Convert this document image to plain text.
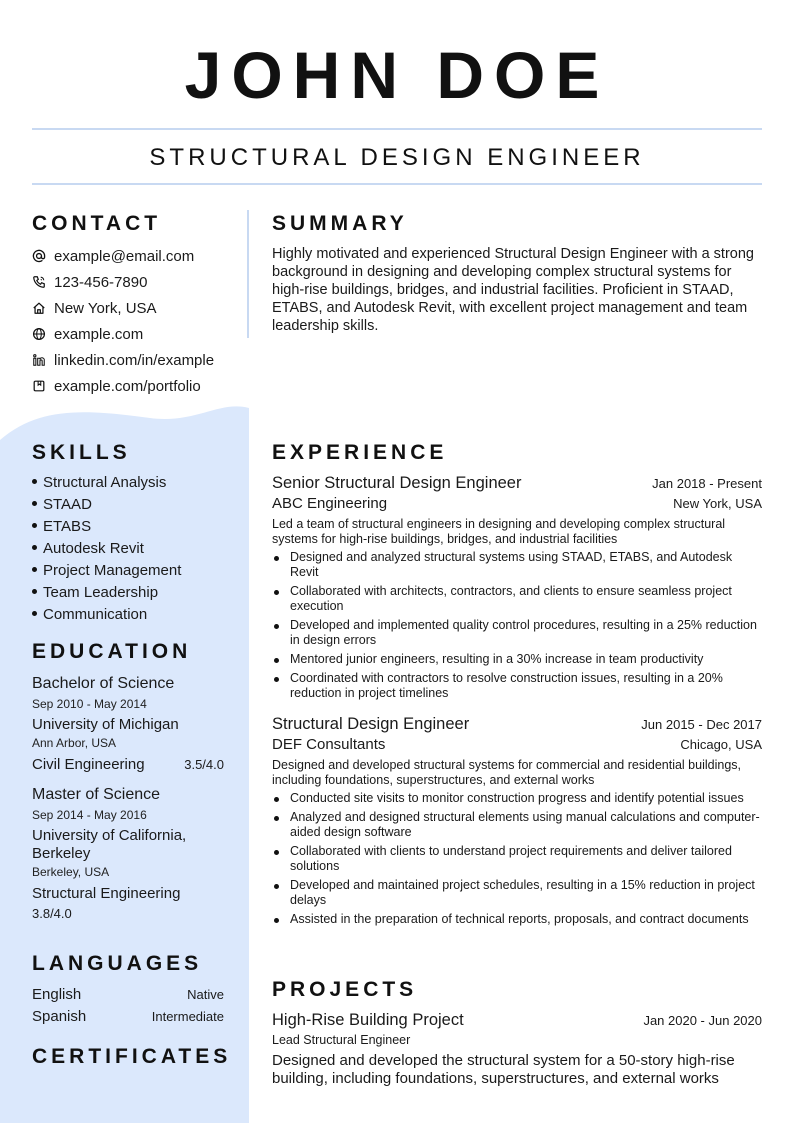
JOHN DOE
STRUCTURAL DESIGN ENGINEER
CONTACT
example@email.com
123-456-7890
New York, USA
example.com
linkedin.com/in/example
example.com/portfolio
SKILLS
Structural Analysis
STAAD
ETABS
Autodesk Revit
Project Management
Team Leadership
Communication
EDUCATION
Bachelor of Science
Sep 2010 - May 2014
University of Michigan
Ann Arbor, USA
Civil Engineering	3.5/4.0
Master of Science
Sep 2014 - May 2016
University of California, Berkeley
Berkeley, USA
Structural Engineering
3.8/4.0
LANGUAGES
English	Native
Spanish	Intermediate
CERTIFICATES
SUMMARY
Highly motivated and experienced Structural Design Engineer with a strong background in designing and developing complex structural systems for high-rise buildings, bridges, and industrial facilities. Proficient in STAAD, ETABS, and Autodesk Revit, with excellent project management and team leadership skills.
EXPERIENCE
Senior Structural Design Engineer	Jan 2018 - Present
ABC Engineering	New York, USA
Led a team of structural engineers in designing and developing complex structural systems for high-rise buildings, bridges, and industrial facilities
Designed and analyzed structural systems using STAAD, ETABS, and Autodesk Revit
Collaborated with architects, contractors, and clients to ensure seamless project execution
Developed and implemented quality control procedures, resulting in a 25% reduction in design errors
Mentored junior engineers, resulting in a 30% increase in team productivity
Coordinated with contractors to resolve construction issues, resulting in a 20% reduction in project timelines
Structural Design Engineer	Jun 2015 - Dec 2017
DEF Consultants	Chicago, USA
Designed and developed structural systems for commercial and residential buildings, including foundations, superstructures, and external works
Conducted site visits to monitor construction progress and identify potential issues
Analyzed and designed structural elements using manual calculations and computer-aided design software
Collaborated with clients to understand project requirements and deliver tailored solutions
Developed and maintained project schedules, resulting in a 15% reduction in project delays
Assisted in the preparation of technical reports, proposals, and contract documents
PROJECTS
High-Rise Building Project	Jan 2020 - Jun 2020
Lead Structural Engineer
Designed and developed the structural system for a 50-story high-rise building, including foundations, superstructures, and external works
